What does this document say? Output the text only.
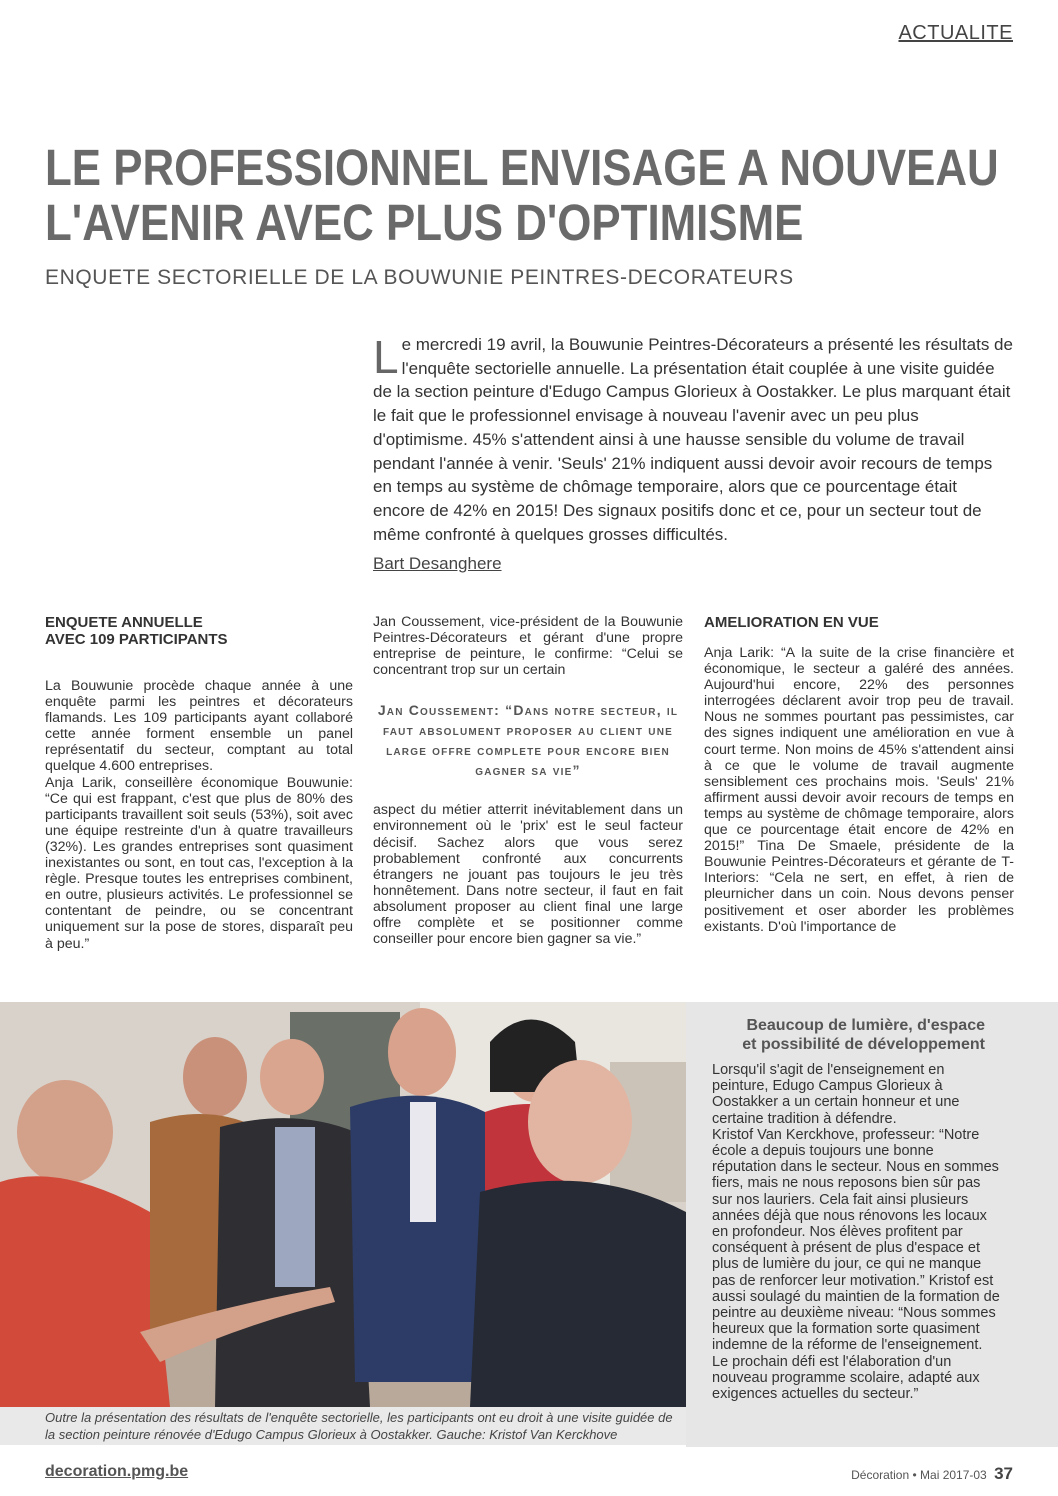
ACTUALITE
LE PROFESSIONNEL ENVISAGE A NOUVEAU
L'AVENIR AVEC PLUS D'OPTIMISME
ENQUETE SECTORIELLE DE LA BOUWUNIE PEINTRES-DECORATEURS
Le mercredi 19 avril, la Bouwunie Peintres-Décorateurs a présenté les résultats de l'enquête sectorielle annuelle. La présentation était couplée à une visite guidée de la section peinture d'Edugo Campus Glorieux à Oostakker. Le plus marquant était le fait que le professionnel envisage à nouveau l'avenir avec un peu plus d'optimisme. 45% s'attendent ainsi à une hausse sensible du volume de travail pendant l'année à venir. 'Seuls' 21% indiquent aussi devoir avoir recours de temps en temps au système de chômage temporaire, alors que ce pourcentage était encore de 42% en 2015! Des signaux positifs donc et ce, pour un secteur tout de même confronté à quelques grosses difficultés.
Bart Desanghere
ENQUETE ANNUELLE
AVEC 109 PARTICIPANTS

La Bouwunie procède chaque année à une enquête parmi les peintres et décorateurs flamands. Les 109 participants ayant collaboré cette année forment ensemble un panel représentatif du secteur, comptant au total quelque 4.600 entreprises.

Anja Larik, conseillère économique Bouwunie: “Ce qui est frappant, c'est que plus de 80% des participants travaillent soit seuls (53%), soit avec une équipe restreinte d'un à quatre travailleurs (32%). Les grandes entreprises sont quasiment inexistantes ou sont, en tout cas, l'exception à la règle. Presque toutes les entreprises combinent, en outre, plusieurs activités. Le professionnel se contentant de peindre, ou se concentrant uniquement sur la pose de stores, disparaît peu à peu.”

Jan Coussement, vice-président de la Bouwunie Peintres-Décorateurs et gérant d'une propre entreprise de peinture, le confirme: “Celui se concentrant trop sur un certain

Jan Coussement: “Dans notre secteur, il faut absolument proposer au client une large offre complete pour encore bien gagner sa vie”

aspect du métier atterrit inévitablement dans un environnement où le 'prix' est le seul facteur décisif. Sachez alors que vous serez probablement confronté aux concurrents étrangers ne jouant pas toujours le jeu très honnêtement. Dans notre secteur, il faut en fait absolument proposer au client final une large offre complète et se positionner comme conseiller pour encore bien gagner sa vie.”

AMELIORATION EN VUE

Anja Larik: “A la suite de la crise financière et économique, le secteur a galéré des années. Aujourd'hui encore, 22% des personnes interrogées déclarent avoir trop peu de travail. Nous ne sommes pourtant pas pessimistes, car des signes indiquent une amélioration en vue à court terme. Non moins de 45% s'attendent ainsi à ce que le volume de travail augmente sensiblement ces prochains mois. 'Seuls' 21% affirment aussi devoir avoir recours de temps en temps au système de chômage temporaire, alors que ce pourcentage était encore de 42% en 2015!” Tina De Smaele, présidente de la Bouwunie Peintres-Décorateurs et gérante de T-Interiors: “Cela ne sert, en effet, à rien de pleurnicher dans un coin. Nous devons penser positivement et oser aborder les problèmes existants. D'où l'importance de

Outre la présentation des résultats de l'enquête sectorielle, les participants ont eu droit à une visite guidée de la section peinture rénovée d'Edugo Campus Glorieux à Oostakker. Gauche: Kristof Van Kerckhove
Beaucoup de lumière, d'espace
et possibilité de développement

Lorsqu'il s'agit de l'enseignement en peinture, Edugo Campus Glorieux à Oostakker a un certain honneur et une certaine tradition à défendre.

Kristof Van Kerckhove, professeur: “Notre école a depuis toujours une bonne réputation dans le secteur. Nous en sommes fiers, mais ne nous reposons bien sûr pas sur nos lauriers. Cela fait ainsi plusieurs années déjà que nous rénovons les locaux en profondeur. Nos élèves profitent par conséquent à présent de plus d'espace et plus de lumière du jour, ce qui ne manque pas de renforcer leur motivation.” Kristof est aussi soulagé du maintien de la formation de peintre au deuxième niveau: “Nous sommes heureux que la formation sorte quasiment indemne de la réforme de l'enseignement. Le prochain défi est l'élaboration d'un nouveau programme scolaire, adapté aux exigences actuelles du secteur.”

decoration.pmg.be	Décoration • Mai 2017-03 37
